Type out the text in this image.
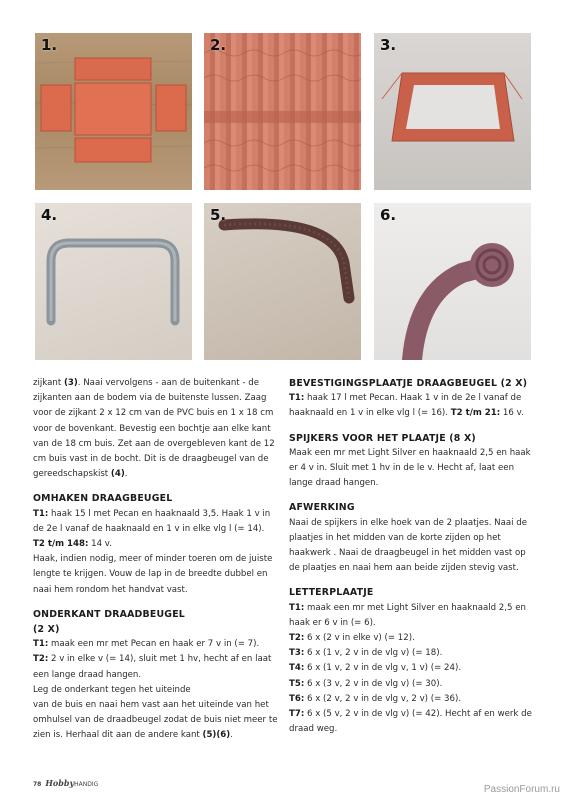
1.	2.	3.
4.	5.	6.

zijkant (3). Naai vervolgens - aan de buitenkant - de zijkanten aan de bodem via de buitenste lussen. Zaag voor de zijkant 2 x 12 cm van de PVC buis en 1 x 18 cm voor de bovenkant. Bevestig een bochtje aan elke kant van de 18 cm buis. Zet aan de overgebleven kant de 12 cm buis vast in de bocht. Dit is de draagbeugel van de gereedschapskist (4).

OMHAKEN DRAAGBEUGEL

T1: haak 15 l met Pecan en haaknaald 3,5. Haak 1 v in de 2e l vanaf de haaknaald en 1 v in elke vlg l (= 14).

T2 t/m 148: 14 v.

Haak, indien nodig, meer of minder toeren om de juiste lengte te krijgen. Vouw de lap in de breedte dubbel en naai hem rondom het handvat vast.

ONDERKANT DRAADBEUGEL
(2 X)

T1: maak een mr met Pecan en haak er 7 v in (= 7).

T2: 2 v in elke v (= 14), sluit met 1 hv, hecht af en laat een lange draad hangen.

Leg de onderkant tegen het uiteinde

van de buis en naai hem vast aan het uiteinde van het omhulsel van de draadbeugel zodat de buis niet meer te zien is. Herhaal dit aan de andere kant (5)(6).

BEVESTIGINGSPLAATJE DRAAGBEUGEL (2 X)

T1: haak 17 l met Pecan. Haak 1 v in de 2e l vanaf de haaknaald en 1 v in elke vlg l (= 16). T2 t/m 21: 16 v.

SPIJKERS VOOR HET PLAATJE (8 X)

Maak een mr met Light Silver en haaknaald 2,5 en haak er 4 v in. Sluit met 1 hv in de le v. Hecht af, laat een lange draad hangen.

AFWERKING

Naai de spijkers in elke hoek van de 2 plaatjes. Naai de plaatjes in het midden van de korte zijden op het haakwerk . Naai de draagbeugel in het midden vast op de plaatjes en naai hem aan beide zijden stevig vast.

LETTERPLAATJE

T1: maak een mr met Light Silver en haaknaald 2,5 en haak er 6 v in (= 6).

T2: 6 x (2 v in elke v) (= 12).

T3: 6 x (1 v, 2 v in de vlg v) (= 18).

T4: 6 x (1 v, 2 v in de vlg v, 1 v) (= 24).

T5: 6 x (3 v, 2 v in de vlg v) (= 30).

T6: 6 x (2 v, 2 v in de vlg v, 2 v) (= 36).

T7: 6 x (5 v, 2 v in de vlg v) (= 42). Hecht af en werk de draad weg.

78 HobbyHANDIG	PassionForum.ru
